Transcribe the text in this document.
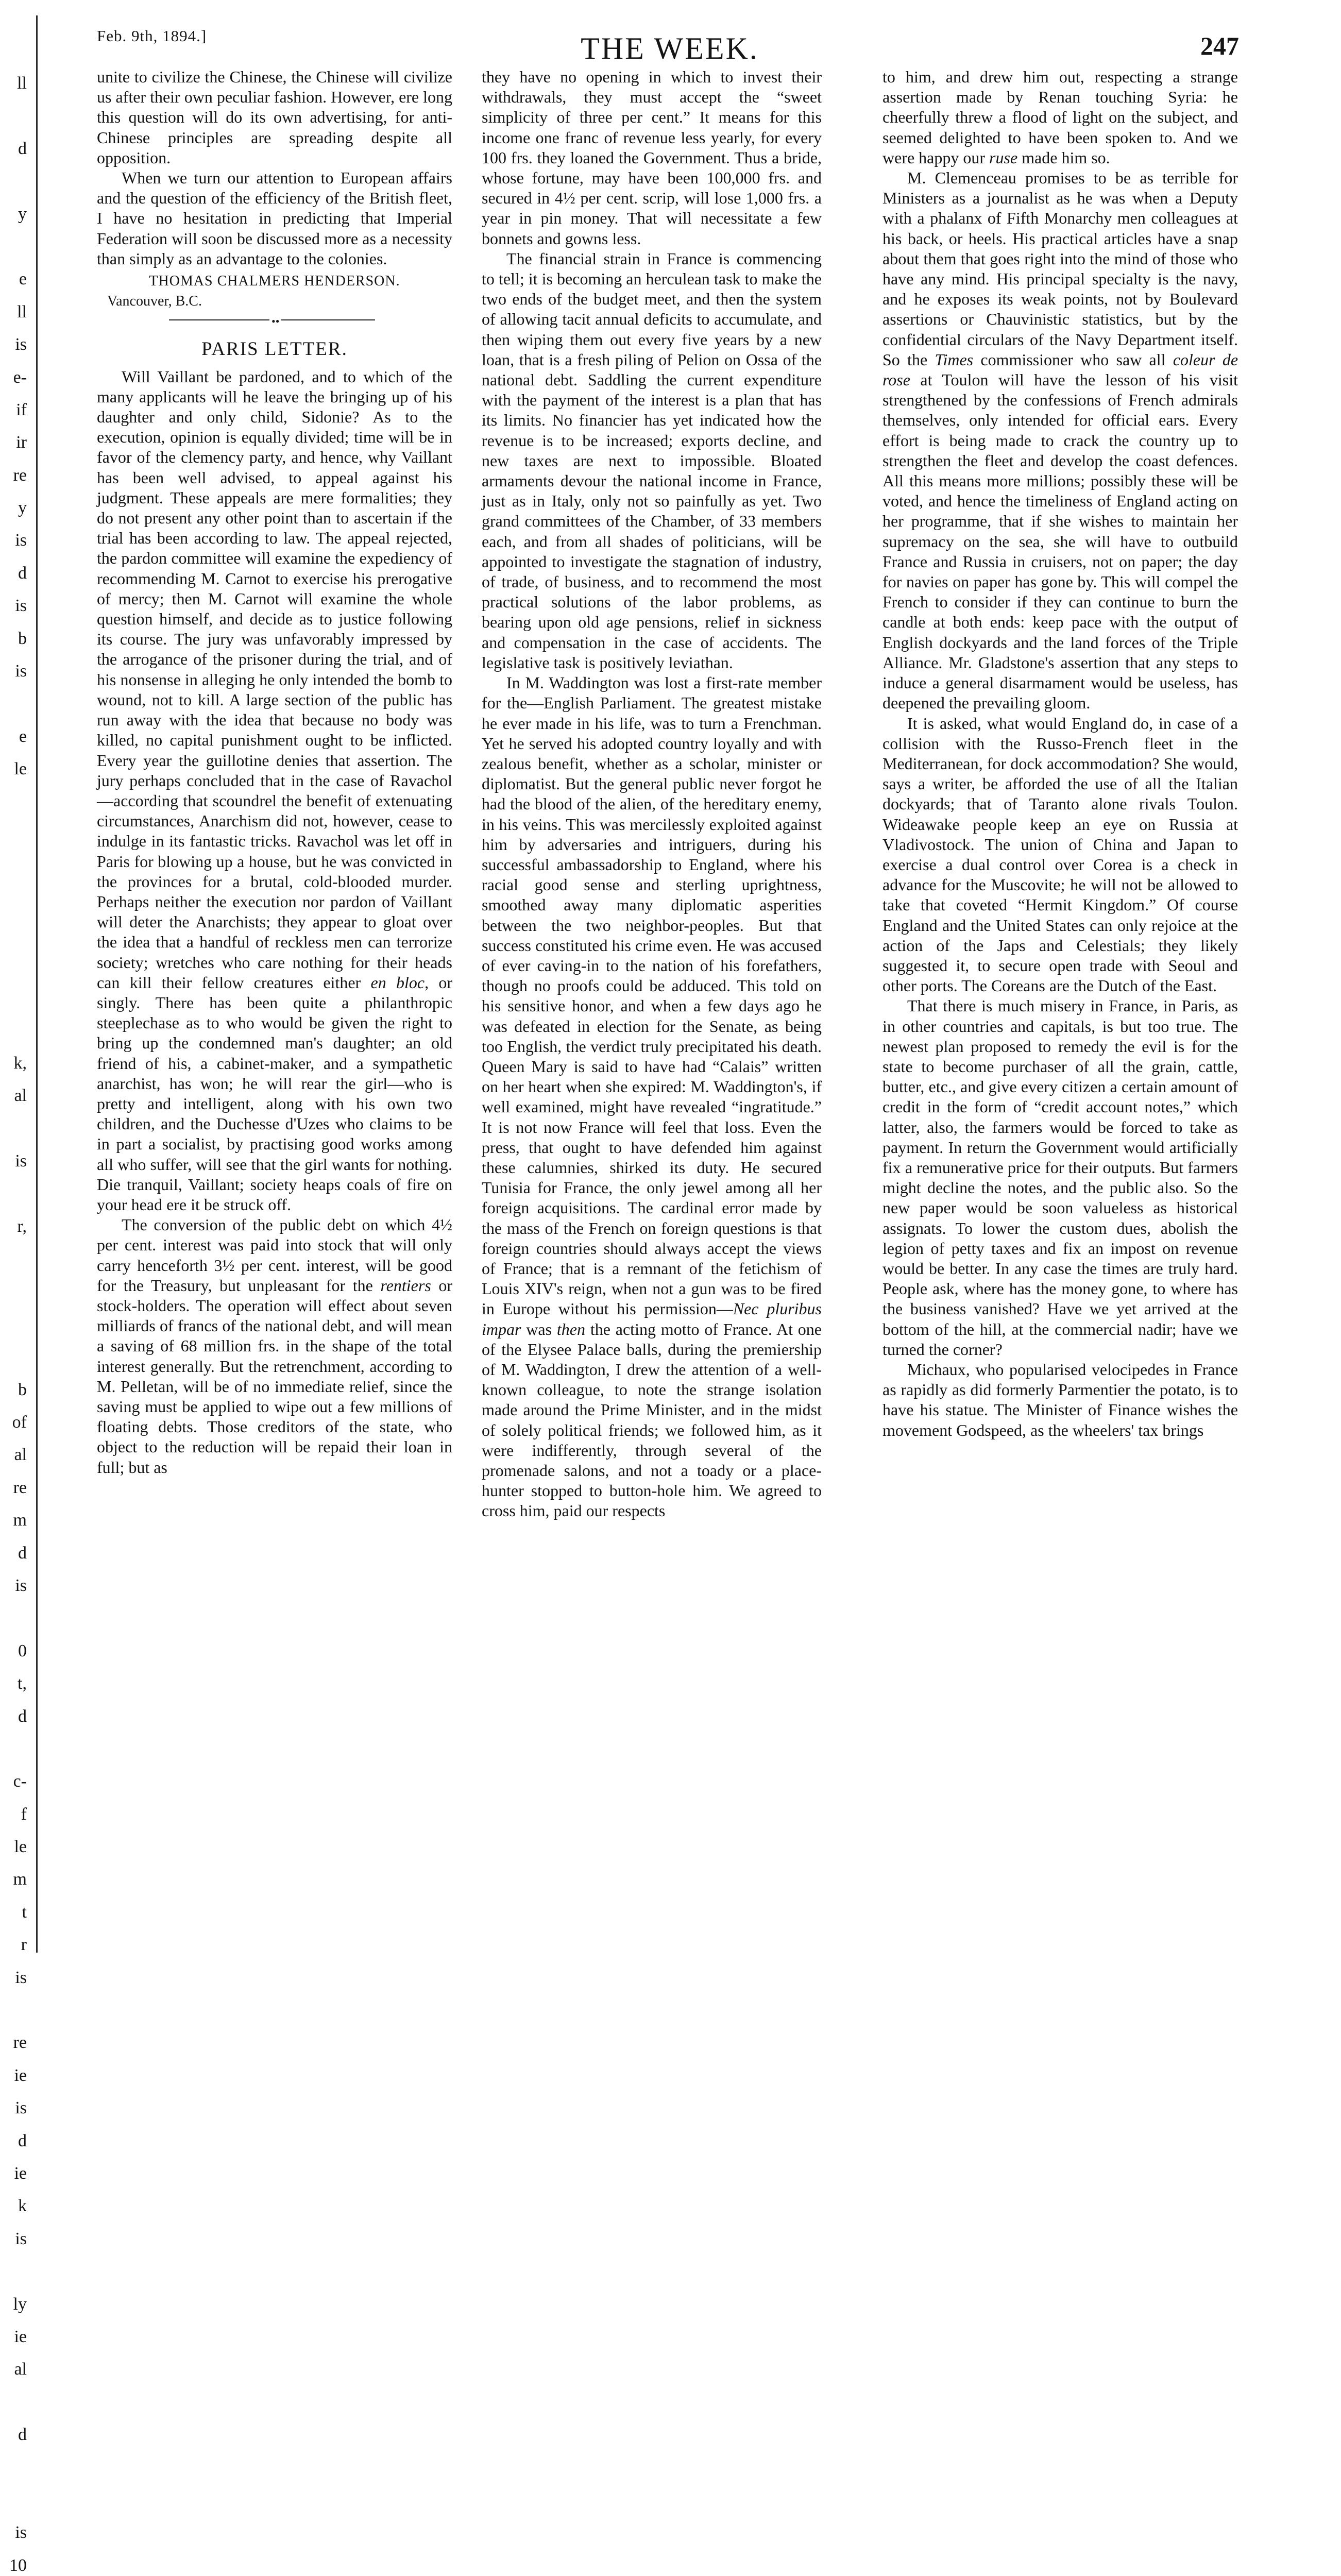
ll
d
y
e
ll
is
e-
if
ir
re
y
is
d
is
b
is
e
le
k,
al
is
r,
b
of
al
re
m
d
is
0
t,
d
c-
f
le
m
t
r
is
re
ie
is
d
ie
k
is
ly
ie
al
d
is
10
Feb. 9th, 1894.]	THE WEEK.	247

unite to civilize the Chinese, the Chinese will civilize us after their own peculiar fashion. However, ere long this question will do its own advertising, for anti-Chinese principles are spreading despite all opposition.

When we turn our attention to European affairs and the question of the efficiency of the British fleet, I have no hesitation in predicting that Imperial Federation will soon be discussed more as a necessity than simply as an advantage to the colonies.

THOMAS CHALMERS HENDERSON.
Vancouver, B.C.
••
PARIS LETTER.

Will Vaillant be pardoned, and to which of the many applicants will he leave the bringing up of his daughter and only child, Sidonie? As to the execution, opinion is equally divided; time will be in favor of the clemency party, and hence, why Vaillant has been well advised, to appeal against his judgment. These appeals are mere formalities; they do not present any other point than to ascertain if the trial has been according to law. The appeal rejected, the pardon committee will examine the expediency of recommending M. Carnot to exercise his prerogative of mercy; then M. Carnot will examine the whole question himself, and decide as to justice following its course. The jury was unfavorably impressed by the arrogance of the prisoner during the trial, and of his nonsense in alleging he only intended the bomb to wound, not to kill. A large section of the public has run away with the idea that because no body was killed, no capital punishment ought to be inflicted. Every year the guillotine denies that assertion. The jury perhaps concluded that in the case of Ravachol—according that scoundrel the benefit of extenuating circumstances, Anarchism did not, however, cease to indulge in its fantastic tricks. Ravachol was let off in Paris for blowing up a house, but he was convicted in the provinces for a brutal, cold-blooded murder. Perhaps neither the execution nor pardon of Vaillant will deter the Anarchists; they appear to gloat over the idea that a handful of reckless men can terrorize society; wretches who care nothing for their heads can kill their fellow creatures either en bloc, or singly. There has been quite a philanthropic steeplechase as to who would be given the right to bring up the condemned man's daughter; an old friend of his, a cabinet-maker, and a sympathetic anarchist, has won; he will rear the girl—who is pretty and intelligent, along with his own two children, and the Duchesse d'Uzes who claims to be in part a socialist, by practising good works among all who suffer, will see that the girl wants for nothing. Die tranquil, Vaillant; society heaps coals of fire on your head ere it be struck off.

The conversion of the public debt on which 4½ per cent. interest was paid into stock that will only carry henceforth 3½ per cent. interest, will be good for the Treasury, but unpleasant for the rentiers or stock-holders. The operation will effect about seven milliards of francs of the national debt, and will mean a saving of 68 million frs. in the shape of the total interest generally. But the retrenchment, according to M. Pelletan, will be of no immediate relief, since the saving must be applied to wipe out a few millions of floating debts. Those creditors of the state, who object to the reduction will be repaid their loan in full; but as

they have no opening in which to invest their withdrawals, they must accept the “sweet simplicity of three per cent.” It means for this income one franc of revenue less yearly, for every 100 frs. they loaned the Government. Thus a bride, whose fortune, may have been 100,000 frs. and secured in 4½ per cent. scrip, will lose 1,000 frs. a year in pin money. That will necessitate a few bonnets and gowns less.

The financial strain in France is commencing to tell; it is becoming an herculean task to make the two ends of the budget meet, and then the system of allowing tacit annual deficits to accumulate, and then wiping them out every five years by a new loan, that is a fresh piling of Pelion on Ossa of the national debt. Saddling the current expenditure with the payment of the interest is a plan that has its limits. No financier has yet indicated how the revenue is to be increased; exports decline, and new taxes are next to impossible. Bloated armaments devour the national income in France, just as in Italy, only not so painfully as yet. Two grand committees of the Chamber, of 33 members each, and from all shades of politicians, will be appointed to investigate the stagnation of industry, of trade, of business, and to recommend the most practical solutions of the labor problems, as bearing upon old age pensions, relief in sickness and compensation in the case of accidents. The legislative task is positively leviathan.

In M. Waddington was lost a first-rate member for the—English Parliament. The greatest mistake he ever made in his life, was to turn a Frenchman. Yet he served his adopted country loyally and with zealous benefit, whether as a scholar, minister or diplomatist. But the general public never forgot he had the blood of the alien, of the hereditary enemy, in his veins. This was mercilessly exploited against him by adversaries and intriguers, during his successful ambassadorship to England, where his racial good sense and sterling uprightness, smoothed away many diplomatic asperities between the two neighbor-peoples. But that success constituted his crime even. He was accused of ever caving-in to the nation of his forefathers, though no proofs could be adduced. This told on his sensitive honor, and when a few days ago he was defeated in election for the Senate, as being too English, the verdict truly precipitated his death. Queen Mary is said to have had “Calais” written on her heart when she expired: M. Waddington's, if well examined, might have revealed “ingratitude.” It is not now France will feel that loss. Even the press, that ought to have defended him against these calumnies, shirked its duty. He secured Tunisia for France, the only jewel among all her foreign acquisitions. The cardinal error made by the mass of the French on foreign questions is that foreign countries should always accept the views of France; that is a remnant of the fetichism of Louis XIV's reign, when not a gun was to be fired in Europe without his permission—Nec pluribus impar was then the acting motto of France. At one of the Elysee Palace balls, during the premiership of M. Waddington, I drew the attention of a well-known colleague, to note the strange isolation made around the Prime Minister, and in the midst of solely political friends; we followed him, as it were indifferently, through several of the promenade salons, and not a toady or a place-hunter stopped to button-hole him. We agreed to cross him, paid our respects

to him, and drew him out, respecting a strange assertion made by Renan touching Syria: he cheerfully threw a flood of light on the subject, and seemed delighted to have been spoken to. And we were happy our ruse made him so.

M. Clemenceau promises to be as terrible for Ministers as a journalist as he was when a Deputy with a phalanx of Fifth Monarchy men colleagues at his back, or heels. His practical articles have a snap about them that goes right into the mind of those who have any mind. His principal specialty is the navy, and he exposes its weak points, not by Boulevard assertions or Chauvinistic statistics, but by the confidential circulars of the Navy Department itself. So the Times commissioner who saw all coleur de rose at Toulon will have the lesson of his visit strengthened by the confessions of French admirals themselves, only intended for official ears. Every effort is being made to crack the country up to strengthen the fleet and develop the coast defences. All this means more millions; possibly these will be voted, and hence the timeliness of England acting on her programme, that if she wishes to maintain her supremacy on the sea, she will have to outbuild France and Russia in cruisers, not on paper; the day for navies on paper has gone by. This will compel the French to consider if they can continue to burn the candle at both ends: keep pace with the output of English dockyards and the land forces of the Triple Alliance. Mr. Gladstone's assertion that any steps to induce a general disarmament would be useless, has deepened the prevailing gloom.

It is asked, what would England do, in case of a collision with the Russo-French fleet in the Mediterranean, for dock accommodation? She would, says a writer, be afforded the use of all the Italian dockyards; that of Taranto alone rivals Toulon. Wideawake people keep an eye on Russia at Vladivostock. The union of China and Japan to exercise a dual control over Corea is a check in advance for the Muscovite; he will not be allowed to take that coveted “Hermit Kingdom.” Of course England and the United States can only rejoice at the action of the Japs and Celestials; they likely suggested it, to secure open trade with Seoul and other ports. The Coreans are the Dutch of the East.

That there is much misery in France, in Paris, as in other countries and capitals, is but too true. The newest plan proposed to remedy the evil is for the state to become purchaser of all the grain, cattle, butter, etc., and give every citizen a certain amount of credit in the form of “credit account notes,” which latter, also, the farmers would be forced to take as payment. In return the Government would artificially fix a remunerative price for their outputs. But farmers might decline the notes, and the public also. So the new paper would be soon valueless as historical assignats. To lower the custom dues, abolish the legion of petty taxes and fix an impost on revenue would be better. In any case the times are truly hard. People ask, where has the money gone, to where has the business vanished? Have we yet arrived at the bottom of the hill, at the commercial nadir; have we turned the corner?

Michaux, who popularised velocipedes in France as rapidly as did formerly Parmentier the potato, is to have his statue. The Minister of Finance wishes the movement Godspeed, as the wheelers' tax brings
